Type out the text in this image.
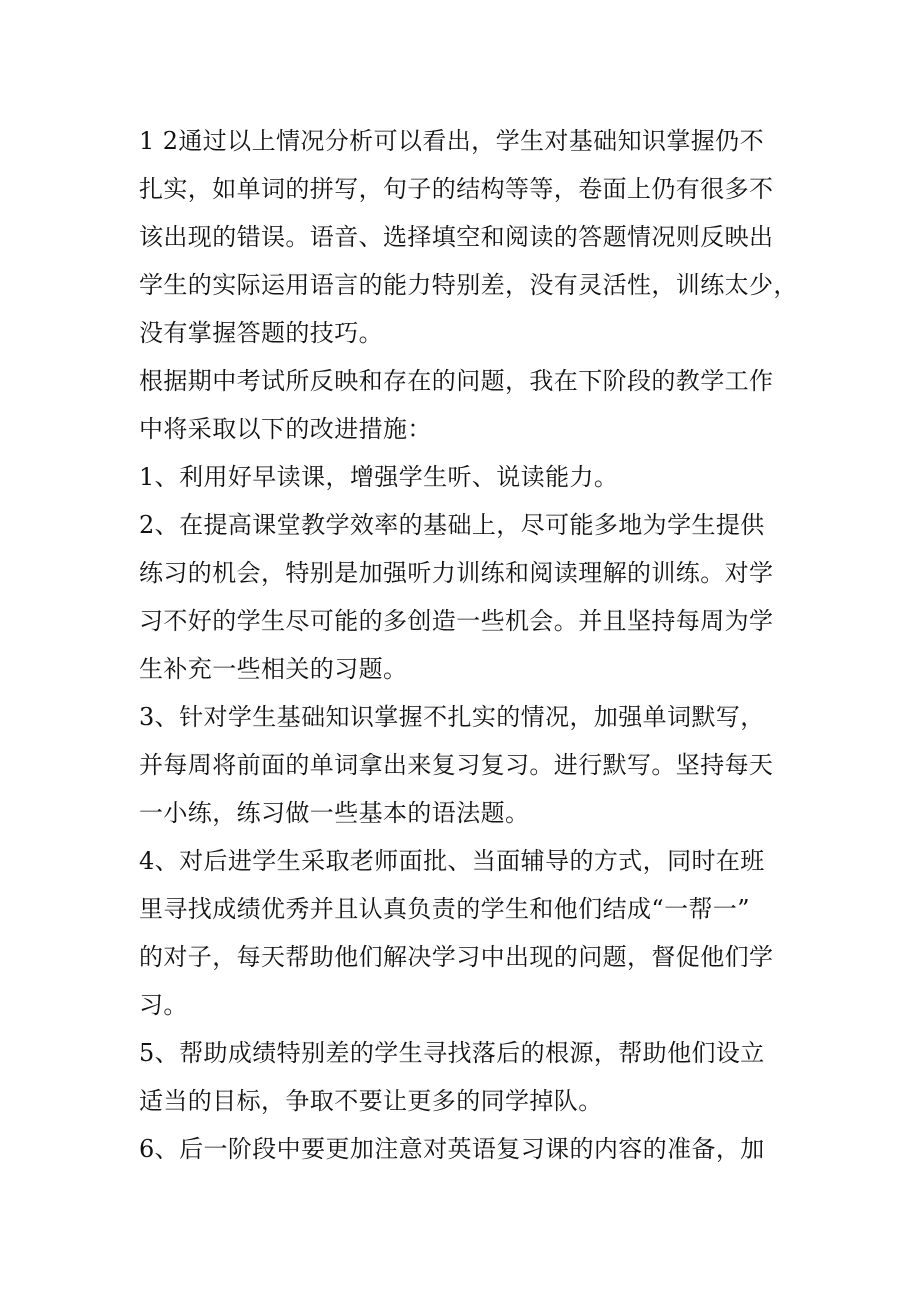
1 2通过以上情况分析可以看出，学生对基础知识掌握仍不
扎实，如单词的拼写，句子的结构等等，卷面上仍有很多不
该出现的错误。语音、选择填空和阅读的答题情况则反映出
学生的实际运用语言的能力特别差，没有灵活性，训练太少，
没有掌握答题的技巧。
根据期中考试所反映和存在的问题，我在下阶段的教学工作
中将采取以下的改进措施：
1、利用好早读课，增强学生听、说读能力。
2、在提高课堂教学效率的基础上，尽可能多地为学生提供
练习的机会，特别是加强听力训练和阅读理解的训练。对学
习不好的学生尽可能的多创造一些机会。并且坚持每周为学
生补充一些相关的习题。
3、针对学生基础知识掌握不扎实的情况，加强单词默写，
并每周将前面的单词拿出来复习复习。进行默写。坚持每天
一小练，练习做一些基本的语法题。
4、对后进学生采取老师面批、当面辅导的方式，同时在班
里寻找成绩优秀并且认真负责的学生和他们结成“一帮一”
的对子，每天帮助他们解决学习中出现的问题，督促他们学
习。
5、帮助成绩特别差的学生寻找落后的根源，帮助他们设立
适当的目标，争取不要让更多的同学掉队。
6、后一阶段中要更加注意对英语复习课的内容的准备，加
